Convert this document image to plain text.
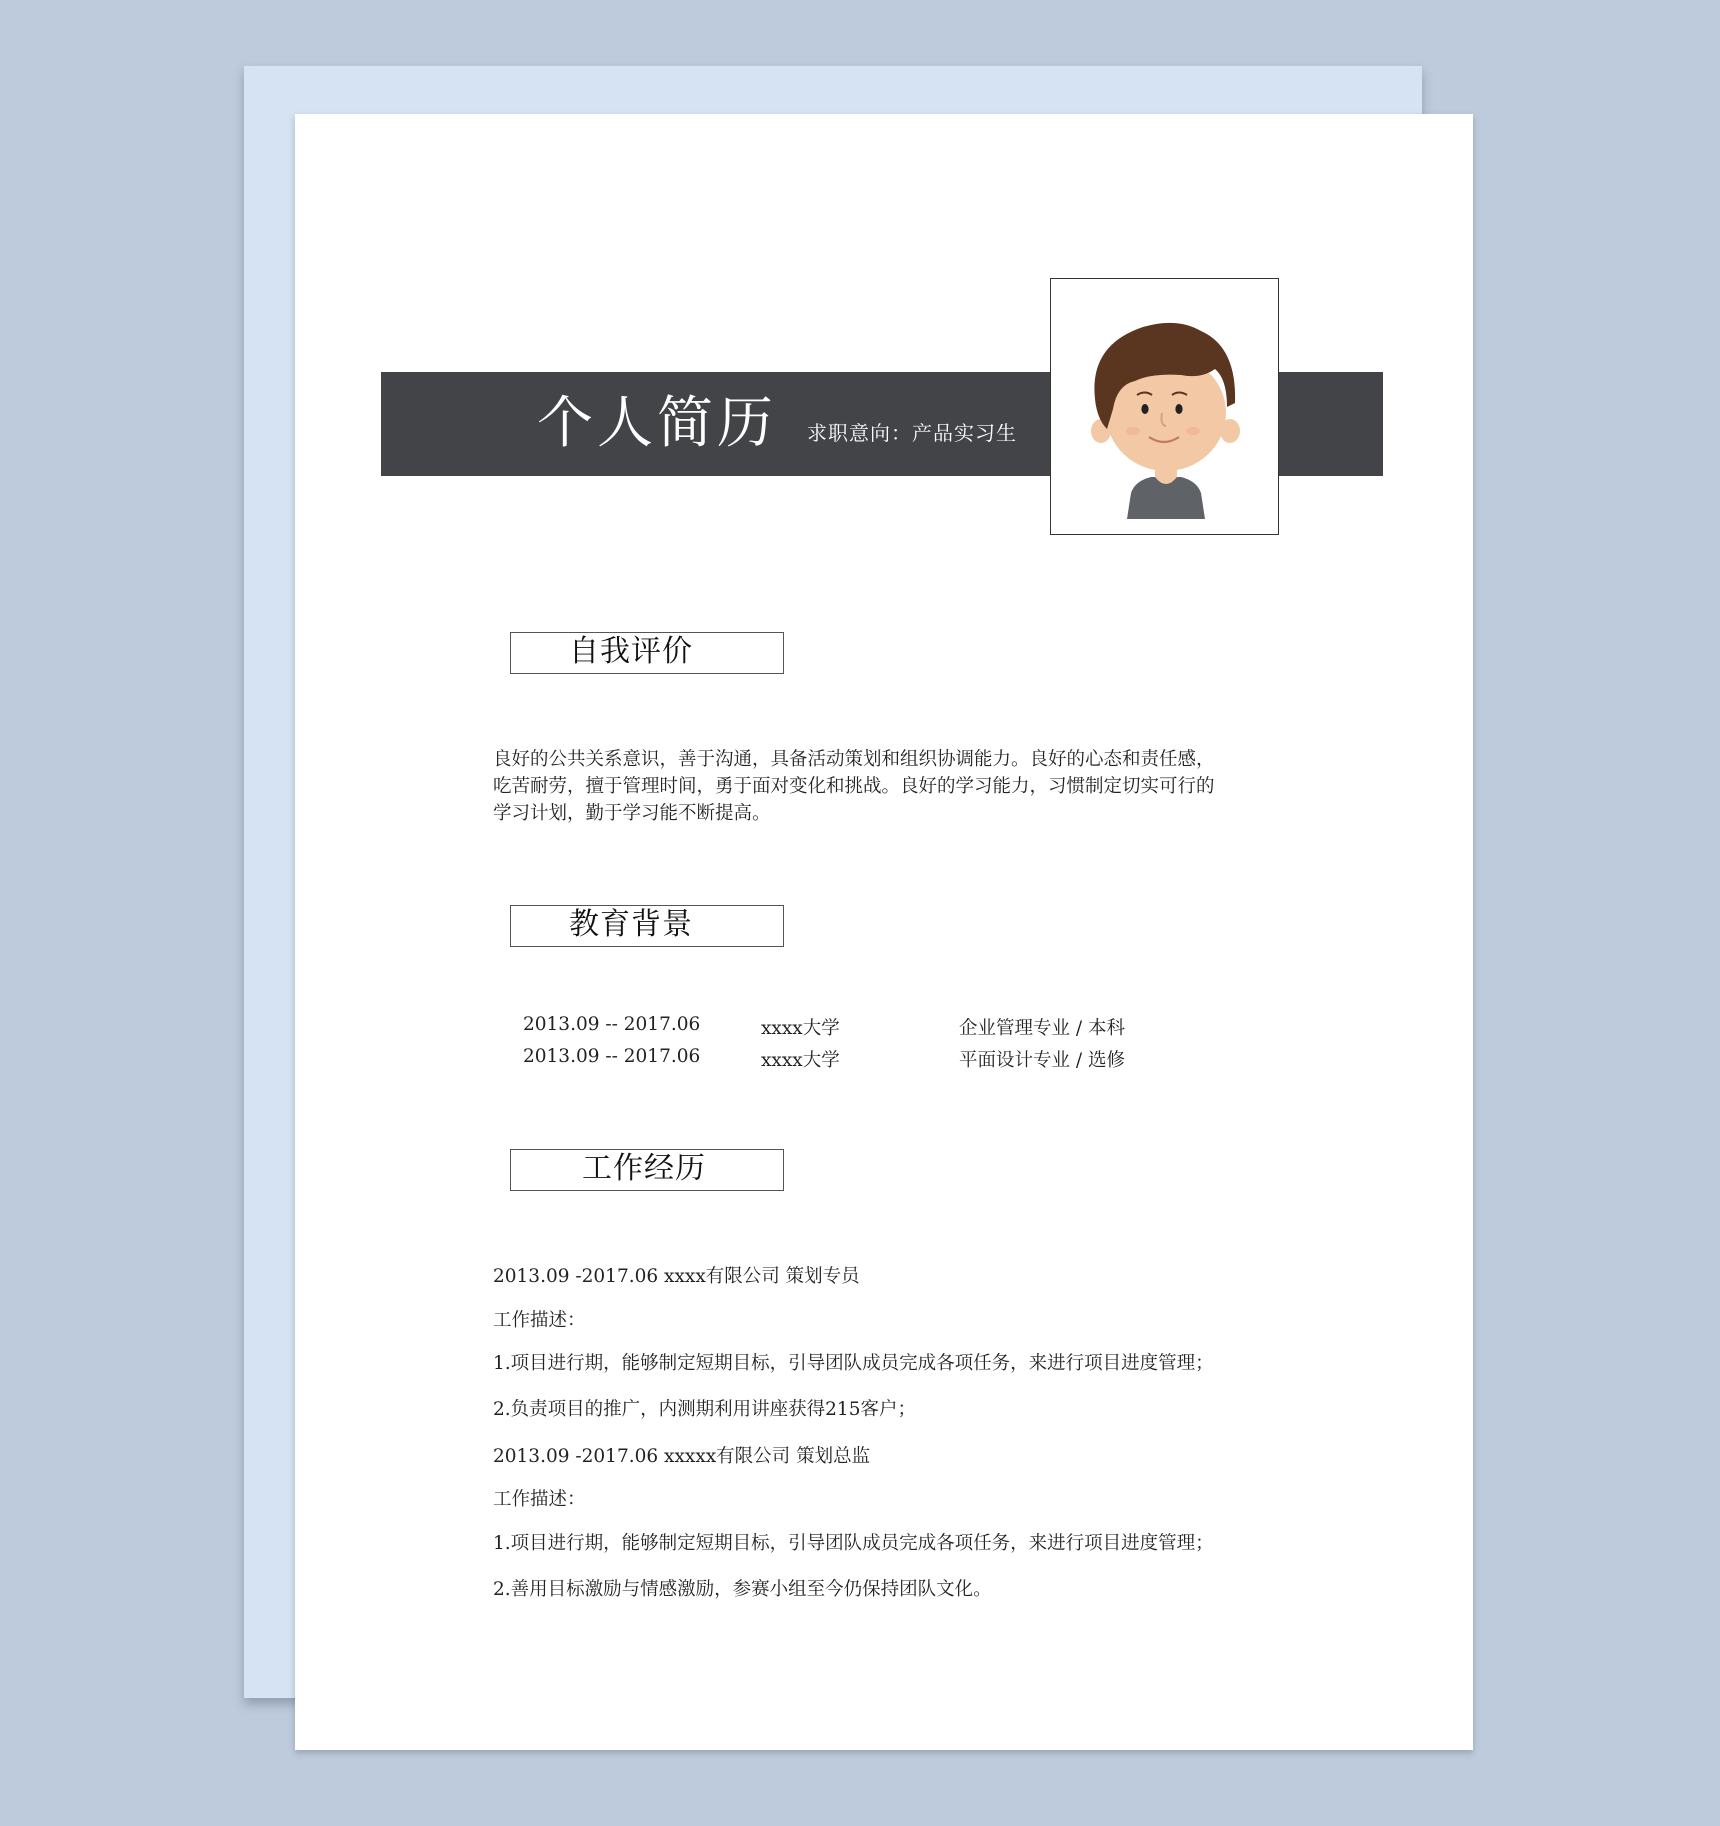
个人简历 求职意向：产品实习生
自我评价
良好的公共关系意识，善于沟通，具备活动策划和组织协调能力。良好的心态和责任感，
吃苦耐劳，擅于管理时间，勇于面对变化和挑战。良好的学习能力，习惯制定切实可行的
学习计划，勤于学习能不断提高。
教育背景
2013.09 -- 2017.06	xxxx大学	企业管理专业 / 本科
2013.09 -- 2017.06	xxxx大学	平面设计专业 / 选修
工作经历
2013.09 -2017.06 xxxx有限公司 策划专员
工作描述：
1.项目进行期，能够制定短期目标，引导团队成员完成各项任务，来进行项目进度管理；
2.负责项目的推广，内测期利用讲座获得215客户；
2013.09 -2017.06 xxxxx有限公司 策划总监
工作描述：
1.项目进行期，能够制定短期目标，引导团队成员完成各项任务，来进行项目进度管理；
2.善用目标激励与情感激励，参赛小组至今仍保持团队文化。
